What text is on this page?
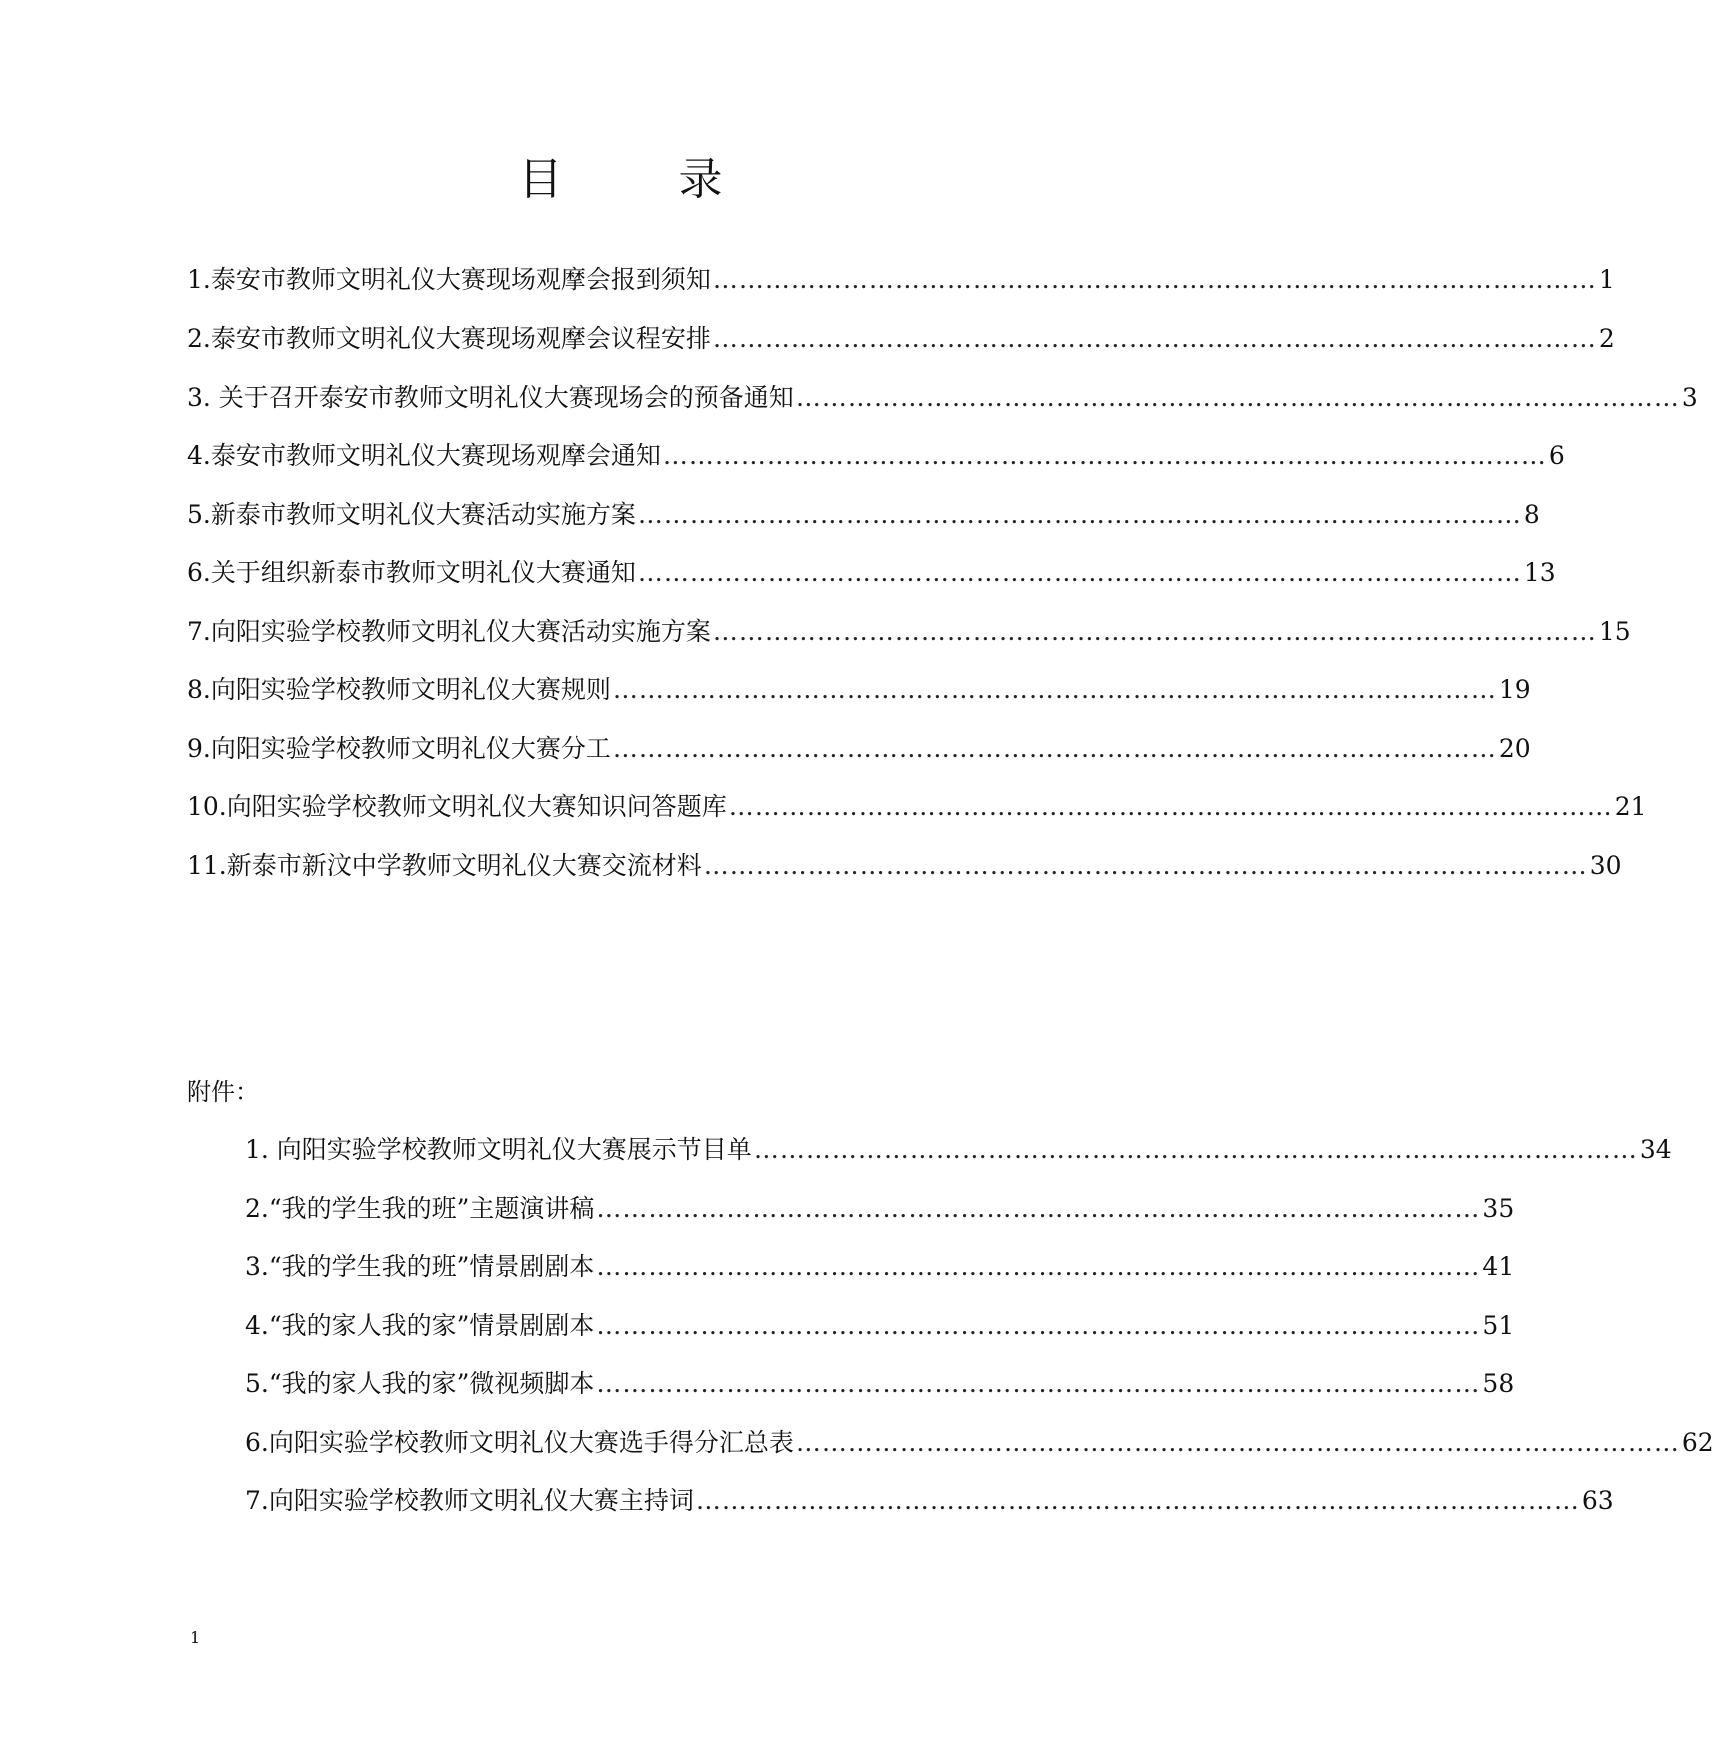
目　录
1.泰安市教师文明礼仪大赛现场观摩会报到须知 ………………………………………………………………………………………… 1
2.泰安市教师文明礼仪大赛现场观摩会议程安排 ………………………………………………………………………………………… 2
3. 关于召开泰安市教师文明礼仪大赛现场会的预备通知 ………………………………………………………………………………………… 3
4.泰安市教师文明礼仪大赛现场观摩会通知 ………………………………………………………………………………………… 6
5.新泰市教师文明礼仪大赛活动实施方案 ………………………………………………………………………………………… 8
6.关于组织新泰市教师文明礼仪大赛通知 ………………………………………………………………………………………… 13
7.向阳实验学校教师文明礼仪大赛活动实施方案 ………………………………………………………………………………………… 15
8.向阳实验学校教师文明礼仪大赛规则 ………………………………………………………………………………………… 19
9.向阳实验学校教师文明礼仪大赛分工 ………………………………………………………………………………………… 20
10.向阳实验学校教师文明礼仪大赛知识问答题库 ………………………………………………………………………………………… 21
11.新泰市新汶中学教师文明礼仪大赛交流材料 ………………………………………………………………………………………… 30
附件：
1. 向阳实验学校教师文明礼仪大赛展示节目单 ………………………………………………………………………………………… 34
2.“我的学生我的班”主题演讲稿 ………………………………………………………………………………………… 35
3.“我的学生我的班”情景剧剧本 ………………………………………………………………………………………… 41
4.“我的家人我的家”情景剧剧本 ………………………………………………………………………………………… 51
5.“我的家人我的家”微视频脚本 ………………………………………………………………………………………… 58
6.向阳实验学校教师文明礼仪大赛选手得分汇总表 ………………………………………………………………………………………… 62
7.向阳实验学校教师文明礼仪大赛主持词 ………………………………………………………………………………………… 63
1
